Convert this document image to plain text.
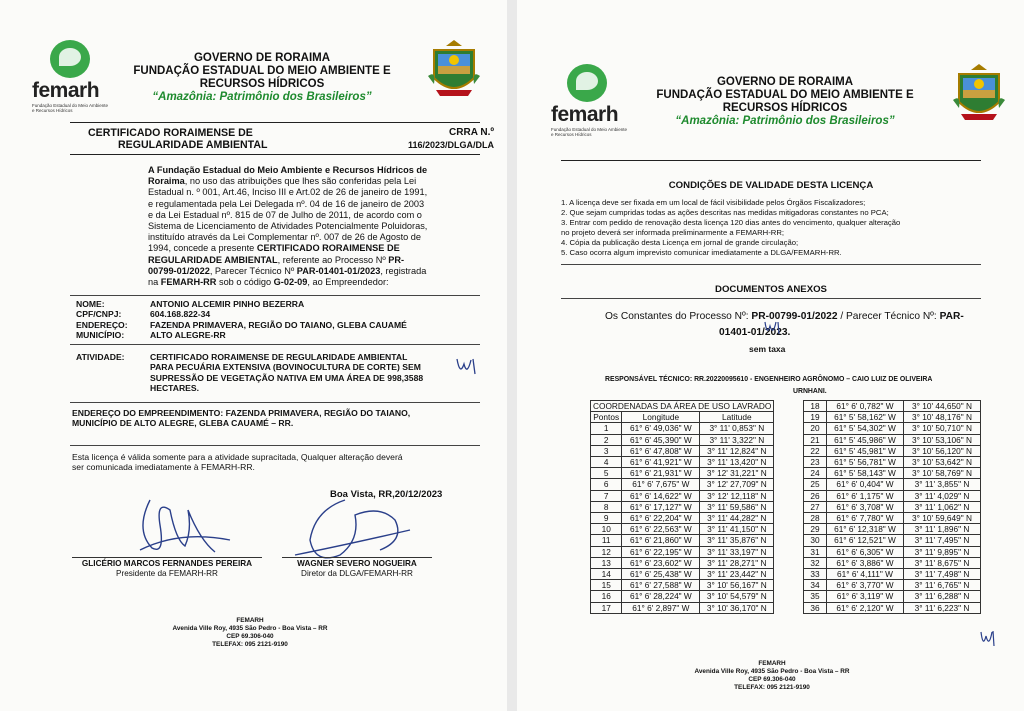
femarh
Fundação Estadual do Meio Ambiente e Recursos Hídricos
GOVERNO DE RORAIMA
FUNDAÇÃO ESTADUAL DO MEIO AMBIENTE E
RECURSOS HÍDRICOS
“Amazônia: Patrimônio dos Brasileiros”
CERTIFICADO RORAIMENSE DE
REGULARIDADE AMBIENTAL
CRRA N.º
116/2023/DLGA/DLA
A Fundação Estadual do Meio Ambiente e Recursos Hídricos de
Roraima, no uso das atribuições que lhes são conferidas pela Lei
Estadual n. º 001, Art.46, Inciso III e Art.02 de 26 de janeiro de 1991,
e regulamentada pela Lei Delegada nº. 04 de 16 de janeiro de 2003
e da Lei Estadual nº. 815 de 07 de Julho de 2011, de acordo com o
Sistema de Licenciamento de Atividades Potencialmente Poluidoras,
instituído através da Lei Complementar nº. 007 de 26 de Agosto de
1994, concede a presente CERTIFICADO RORAIMENSE DE
REGULARIDADE AMBIENTAL, referente ao Processo Nº PR-
00799-01/2022, Parecer Técnico Nº PAR-01401-01/2023, registrada
na FEMARH-RR sob o código G-02-09, ao Empreendedor:
NOME:	ANTONIO ALCEMIR PINHO BEZERRA
CPF/CNPJ:	604.168.822-34
ENDEREÇO:	FAZENDA PRIMAVERA, REGIÃO DO TAIANO, GLEBA CAUAMÉ
MUNICÍPIO:	ALTO ALEGRE-RR
ATIVIDADE:	CERTIFICADO RORAIMENSE DE REGULARIDADE AMBIENTAL
PARA PECUÁRIA EXTENSIVA (BOVINOCULTURA DE CORTE) SEM
SUPRESSÃO DE VEGETAÇÃO NATIVA EM UMA ÁREA DE 998,3588
HECTARES.
ENDEREÇO DO EMPREENDIMENTO: FAZENDA PRIMAVERA, REGIÃO DO TAIANO,
MUNICÍPIO DE ALTO ALEGRE, GLEBA CAUAMÉ – RR.
Esta licença é válida somente para a atividade supracitada, Qualquer alteração deverá
ser comunicada imediatamente à FEMARH-RR.
Boa Vista, RR,20/12/2023
GLICÉRIO MARCOS FERNANDES PEREIRA
Presidente da FEMARH-RR
WAGNER SEVERO NOGUEIRA
Diretor da DLGA/FEMARH-RR
FEMARH
Avenida Ville Roy, 4935 São Pedro - Boa Vista – RR
CEP 69.306-040
TELEFAX: 095 2121-9190
femarh
Fundação Estadual do Meio Ambiente e Recursos Hídricos
GOVERNO DE RORAIMA
FUNDAÇÃO ESTADUAL DO MEIO AMBIENTE E
RECURSOS HÍDRICOS
“Amazônia: Patrimônio dos Brasileiros”
CONDIÇÕES DE VALIDADE DESTA LICENÇA
1. A licença deve ser fixada em um local de fácil visibilidade pelos Órgãos Fiscalizadores;
2. Que sejam cumpridas todas as ações descritas nas medidas mitigadoras constantes no PCA;
3. Entrar com pedido de renovação desta licença 120 dias antes do vencimento, qualquer alteração
no projeto deverá ser informada preliminarmente a FEMARH-RR;
4. Cópia da publicação desta Licença em jornal de grande circulação;
5. Caso ocorra algum imprevisto comunicar imediatamente a DLGA/FEMARH-RR.
DOCUMENTOS ANEXOS
Os Constantes do Processo Nº: PR-00799-01/2022 / Parecer Técnico Nº: PAR-
01401-01/2023.
sem taxa
RESPONSÁVEL TÉCNICO: RR.20220095610 - ENGENHEIRO AGRÔNOMO – CAIO LUIZ DE OLIVEIRA
URNHANI.
COORDENADAS DA ÁREA DE USO LAVRADO		
Pontos	Longitude	Latitude
1	61° 6' 49,036" W	3° 11' 0,853" N
2	61° 6' 45,390" W	3° 11' 3,322" N
3	61° 6' 47,808" W	3° 11' 12,824" N
4	61° 6' 41,921" W	3° 11' 13,420" N
5	61° 6' 21,931" W	3° 12' 31,221" N
6	61° 6' 7,675" W	3° 12' 27,709" N
7	61° 6' 14,622" W	3° 12' 12,118" N
8	61° 6' 17,127" W	3° 11' 59,586" N
9	61° 6' 22,204" W	3° 11' 44,282" N
10	61° 6' 22,563" W	3° 11' 41,150" N
11	61° 6' 21,860" W	3° 11' 35,876" N
12	61° 6' 22,195" W	3° 11' 33,197" N
13	61° 6' 23,602" W	3° 11' 28,271" N
14	61° 6' 25,438" W	3° 11' 23,442" N
15	61° 6' 27,588" W	3° 10' 56,167" N
16	61° 6' 28,224" W	3° 10' 54,579" N
17	61° 6' 2,897" W	3° 10' 36,170" N
18	61° 6' 0,782" W	3° 10' 44,650" N
19	61° 5' 58,162" W	3° 10' 48,176" N
20	61° 5' 54,302" W	3° 10' 50,710" N
21	61° 5' 45,986" W	3° 10' 53,106" N
22	61° 5' 45,981" W	3° 10' 56,120" N
23	61° 5' 56,781" W	3° 10' 53,642" N
24	61° 5' 58,143" W	3° 10' 58,769" N
25	61° 6' 0,404" W	3° 11' 3,855" N
26	61° 6' 1,175" W	3° 11' 4,029" N
27	61° 6' 3,708" W	3° 11' 1,062" N
28	61° 6' 7,780" W	3° 10' 59,649" N
29	61° 6' 12,318" W	3° 11' 1,896" N
30	61° 6' 12,521" W	3° 11' 7,495" N
31	61° 6' 6,305" W	3° 11' 9,895" N
32	61° 6' 3,886" W	3° 11' 8,675" N
33	61° 6' 4,111" W	3° 11' 7,498" N
34	61° 6' 3,770" W	3° 11' 6,765" N
35	61° 6' 3,119" W	3° 11' 6,288" N
36	61° 6' 2,120" W	3° 11' 6,223" N
FEMARH
Avenida Ville Roy, 4935 São Pedro - Boa Vista – RR
CEP 69.306-040
TELEFAX: 095 2121-9190
